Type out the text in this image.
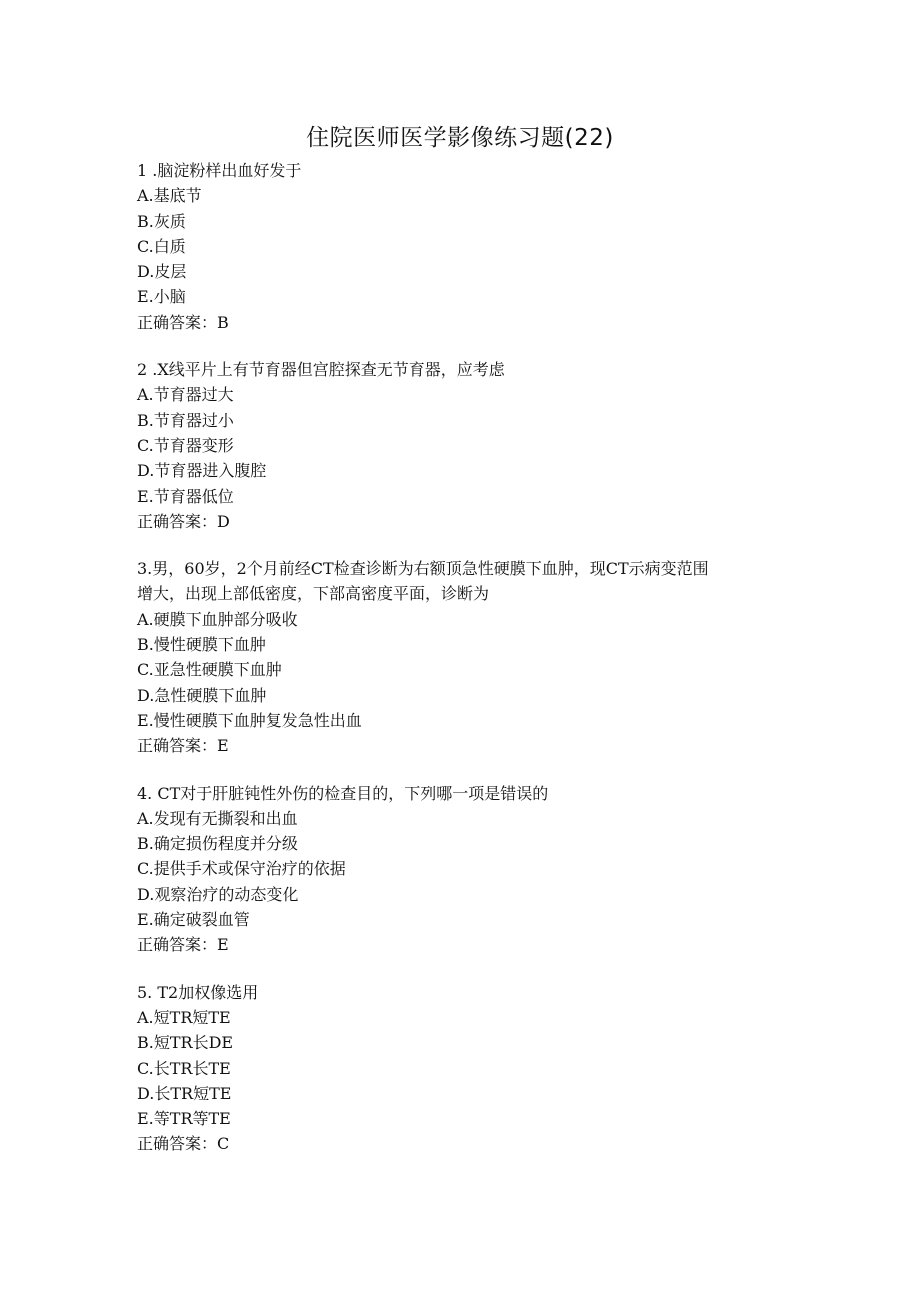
住院医师医学影像练习题(22)
1 .脑淀粉样出血好发于
A.基底节
B.灰质
C.白质
D.皮层
E.小脑
正确答案：B
2 .X线平片上有节育器但宫腔探查无节育器，应考虑
A.节育器过大
B.节育器过小
C.节育器变形
D.节育器进入腹腔
E.节育器低位
正确答案：D
3.男，60岁，2个月前经CT检查诊断为右额顶急性硬膜下血肿，现CT示病变范围
增大，出现上部低密度，下部高密度平面，诊断为
A.硬膜下血肿部分吸收
B.慢性硬膜下血肿
C.亚急性硬膜下血肿
D.急性硬膜下血肿
E.慢性硬膜下血肿复发急性出血
正确答案：E
4. CT对于肝脏钝性外伤的检查目的，下列哪一项是错误的
A.发现有无撕裂和出血
B.确定损伤程度并分级
C.提供手术或保守治疗的依据
D.观察治疗的动态变化
E.确定破裂血管
正确答案：E
5. T2加权像选用
A.短TR短TE
B.短TR长DE
C.长TR长TE
D.长TR短TE
E.等TR等TE
正确答案：C
